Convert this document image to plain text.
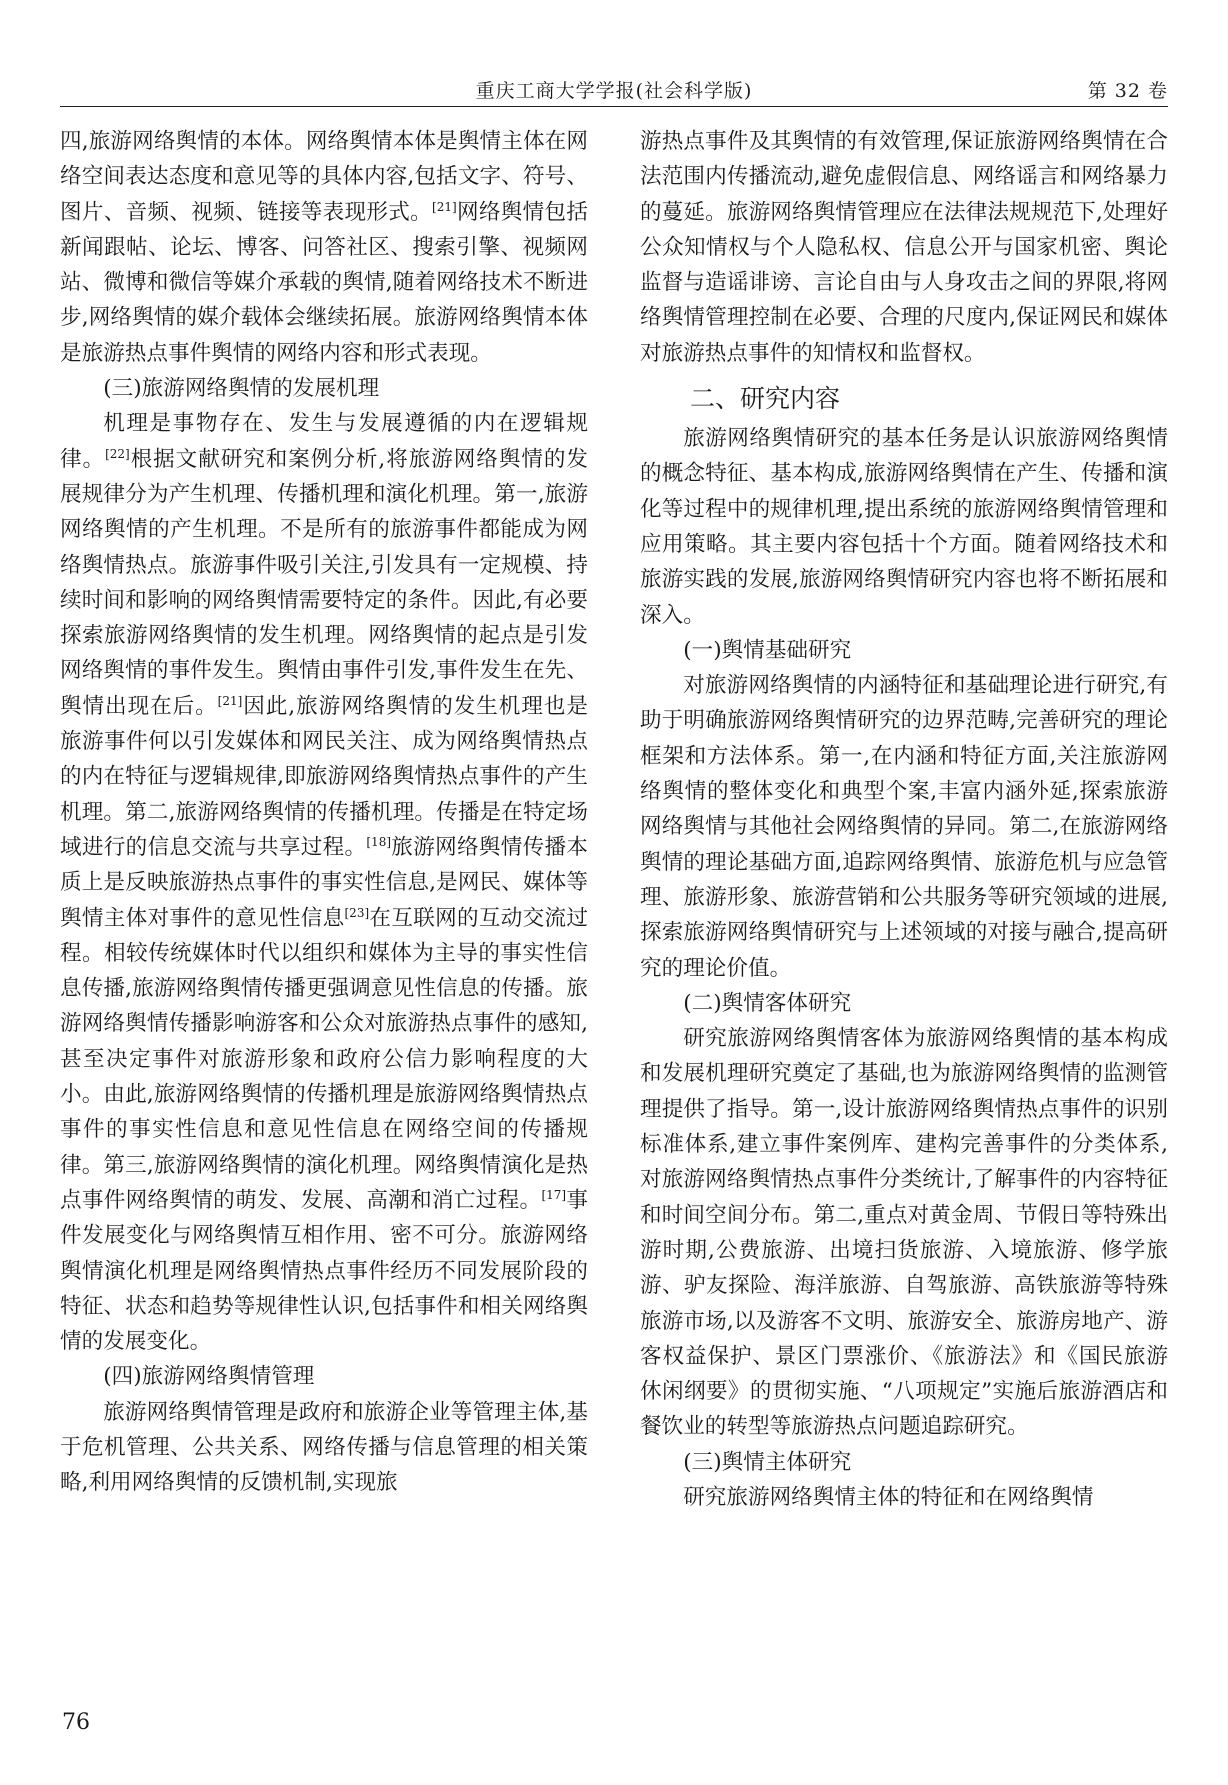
重庆工商大学学报(社会科学版)	第 32 卷

四,旅游网络舆情的本体。网络舆情本体是舆情主体在网络空间表达态度和意见等的具体内容,包括文字、符号、图片、音频、视频、链接等表现形式。[21]网络舆情包括新闻跟帖、论坛、博客、问答社区、搜索引擎、视频网站、微博和微信等媒介承载的舆情,随着网络技术不断进步,网络舆情的媒介载体会继续拓展。旅游网络舆情本体是旅游热点事件舆情的网络内容和形式表现。

(三)旅游网络舆情的发展机理

机理是事物存在、发生与发展遵循的内在逻辑规律。[22]根据文献研究和案例分析,将旅游网络舆情的发展规律分为产生机理、传播机理和演化机理。第一,旅游网络舆情的产生机理。不是所有的旅游事件都能成为网络舆情热点。旅游事件吸引关注,引发具有一定规模、持续时间和影响的网络舆情需要特定的条件。因此,有必要探索旅游网络舆情的发生机理。网络舆情的起点是引发网络舆情的事件发生。舆情由事件引发,事件发生在先、舆情出现在后。[21]因此,旅游网络舆情的发生机理也是旅游事件何以引发媒体和网民关注、成为网络舆情热点的内在特征与逻辑规律,即旅游网络舆情热点事件的产生机理。第二,旅游网络舆情的传播机理。传播是在特定场域进行的信息交流与共享过程。[18]旅游网络舆情传播本质上是反映旅游热点事件的事实性信息,是网民、媒体等舆情主体对事件的意见性信息[23]在互联网的互动交流过程。相较传统媒体时代以组织和媒体为主导的事实性信息传播,旅游网络舆情传播更强调意见性信息的传播。旅游网络舆情传播影响游客和公众对旅游热点事件的感知,甚至决定事件对旅游形象和政府公信力影响程度的大小。由此,旅游网络舆情的传播机理是旅游网络舆情热点事件的事实性信息和意见性信息在网络空间的传播规律。第三,旅游网络舆情的演化机理。网络舆情演化是热点事件网络舆情的萌发、发展、高潮和消亡过程。[17]事件发展变化与网络舆情互相作用、密不可分。旅游网络舆情演化机理是网络舆情热点事件经历不同发展阶段的特征、状态和趋势等规律性认识,包括事件和相关网络舆情的发展变化。

(四)旅游网络舆情管理

旅游网络舆情管理是政府和旅游企业等管理主体,基于危机管理、公共关系、网络传播与信息管理的相关策略,利用网络舆情的反馈机制,实现旅

游热点事件及其舆情的有效管理,保证旅游网络舆情在合法范围内传播流动,避免虚假信息、网络谣言和网络暴力的蔓延。旅游网络舆情管理应在法律法规规范下,处理好公众知情权与个人隐私权、信息公开与国家机密、舆论监督与造谣诽谤、言论自由与人身攻击之间的界限,将网络舆情管理控制在必要、合理的尺度内,保证网民和媒体对旅游热点事件的知情权和监督权。

二、研究内容

旅游网络舆情研究的基本任务是认识旅游网络舆情的概念特征、基本构成,旅游网络舆情在产生、传播和演化等过程中的规律机理,提出系统的旅游网络舆情管理和应用策略。其主要内容包括十个方面。随着网络技术和旅游实践的发展,旅游网络舆情研究内容也将不断拓展和深入。

(一)舆情基础研究

对旅游网络舆情的内涵特征和基础理论进行研究,有助于明确旅游网络舆情研究的边界范畴,完善研究的理论框架和方法体系。第一,在内涵和特征方面,关注旅游网络舆情的整体变化和典型个案,丰富内涵外延,探索旅游网络舆情与其他社会网络舆情的异同。第二,在旅游网络舆情的理论基础方面,追踪网络舆情、旅游危机与应急管理、旅游形象、旅游营销和公共服务等研究领域的进展,探索旅游网络舆情研究与上述领域的对接与融合,提高研究的理论价值。

(二)舆情客体研究

研究旅游网络舆情客体为旅游网络舆情的基本构成和发展机理研究奠定了基础,也为旅游网络舆情的监测管理提供了指导。第一,设计旅游网络舆情热点事件的识别标准体系,建立事件案例库、建构完善事件的分类体系,对旅游网络舆情热点事件分类统计,了解事件的内容特征和时间空间分布。第二,重点对黄金周、节假日等特殊出游时期,公费旅游、出境扫货旅游、入境旅游、修学旅游、驴友探险、海洋旅游、自驾旅游、高铁旅游等特殊旅游市场,以及游客不文明、旅游安全、旅游房地产、游客权益保护、景区门票涨价、《旅游法》和《国民旅游休闲纲要》的贯彻实施、“八项规定”实施后旅游酒店和餐饮业的转型等旅游热点问题追踪研究。

(三)舆情主体研究

研究旅游网络舆情主体的特征和在网络舆情

76
